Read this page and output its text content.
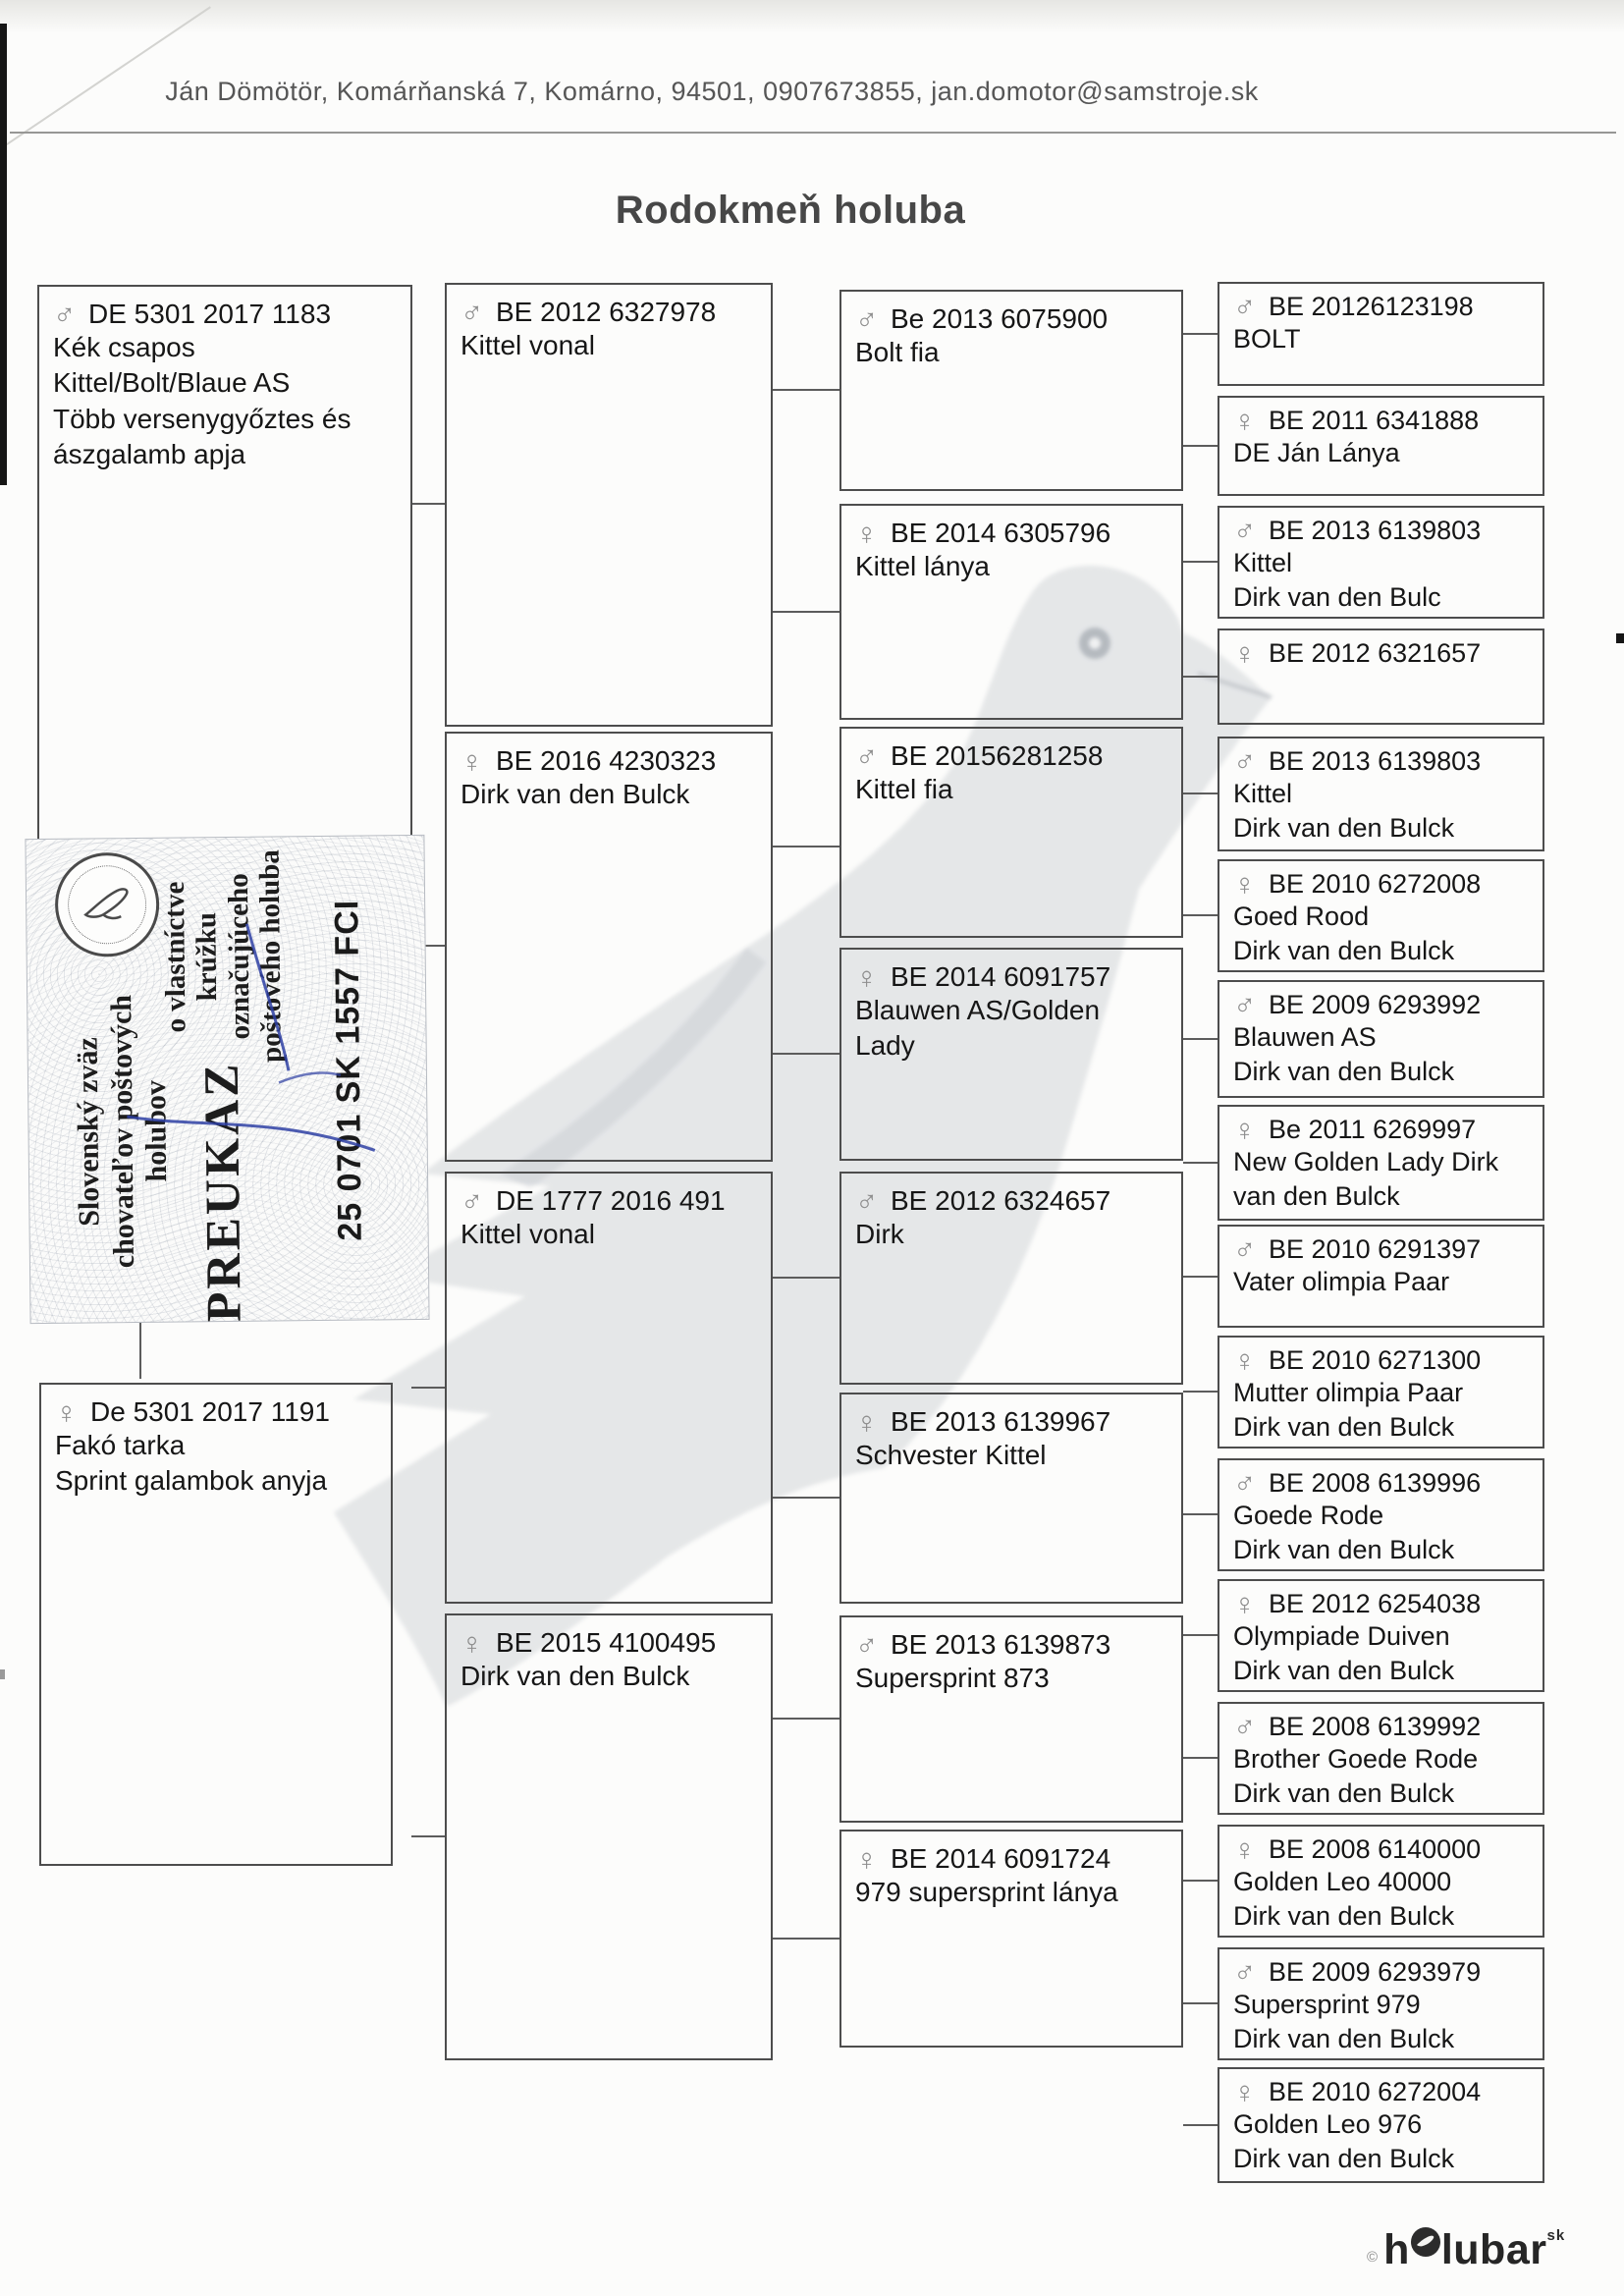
Ján Dömötör, Komárňanská 7, Komárno, 94501, 0907673855, jan.domotor@samstroje.sk
Rodokmeň holuba
♂ DE 5301 2017 1183
Kék csapos
Kittel/Bolt/Blaue AS
Több versenygyőztes és
ászgalamb apja
♀ De 5301 2017 1191
Fakó tarka
Sprint galambok anyja
♂ BE 2012 6327978
Kittel vonal
♀ BE 2016 4230323
Dirk van den Bulck
♂ DE 1777 2016 491
Kittel vonal
♀ BE 2015 4100495
Dirk van den Bulck
♂ Be 2013 6075900
Bolt fia
♀ BE 2014 6305796
Kittel lánya
♂ BE 20156281258
Kittel fia
♀ BE 2014 6091757
Blauwen AS/Golden
Lady
♂ BE 2012 6324657
Dirk
♀ BE 2013 6139967
Schvester Kittel
♂ BE 2013 6139873
Supersprint 873
♀ BE 2014 6091724
979 supersprint lánya
♂ BE 20126123198
BOLT
♀ BE 2011 6341888
DE Ján Lánya
♂ BE 2013 6139803
Kittel
Dirk van den Bulc
♀ BE 2012 6321657
♂ BE 2013 6139803
Kittel
Dirk van den Bulck
♀ BE 2010 6272008
Goed Rood
Dirk van den Bulck
♂ BE 2009 6293992
Blauwen AS
Dirk van den Bulck
♀ Be 2011 6269997
New Golden Lady Dirk
van den Bulck
♂ BE 2010 6291397
Vater olimpia Paar
♀ BE 2010 6271300
Mutter olimpia Paar
Dirk van den Bulck
♂ BE 2008 6139996
Goede Rode
Dirk van den Bulck
♀ BE 2012 6254038
Olympiade Duiven
Dirk van den Bulck
♂ BE 2008 6139992
Brother Goede Rode
Dirk van den Bulck
♀ BE 2008 6140000
Golden Leo 40000
Dirk van den Bulck
♂ BE 2009 6293979
Supersprint 979
Dirk van den Bulck
♀ BE 2010 6272004
Golden Leo 976
Dirk van den Bulck
Slovenský zväz chovateľov poštových holubov
o vlastníctve krúžku označujúceho
poštového holuba
PREUKAZ 25 0701 SK 1557 FCI
© h lubar sk
